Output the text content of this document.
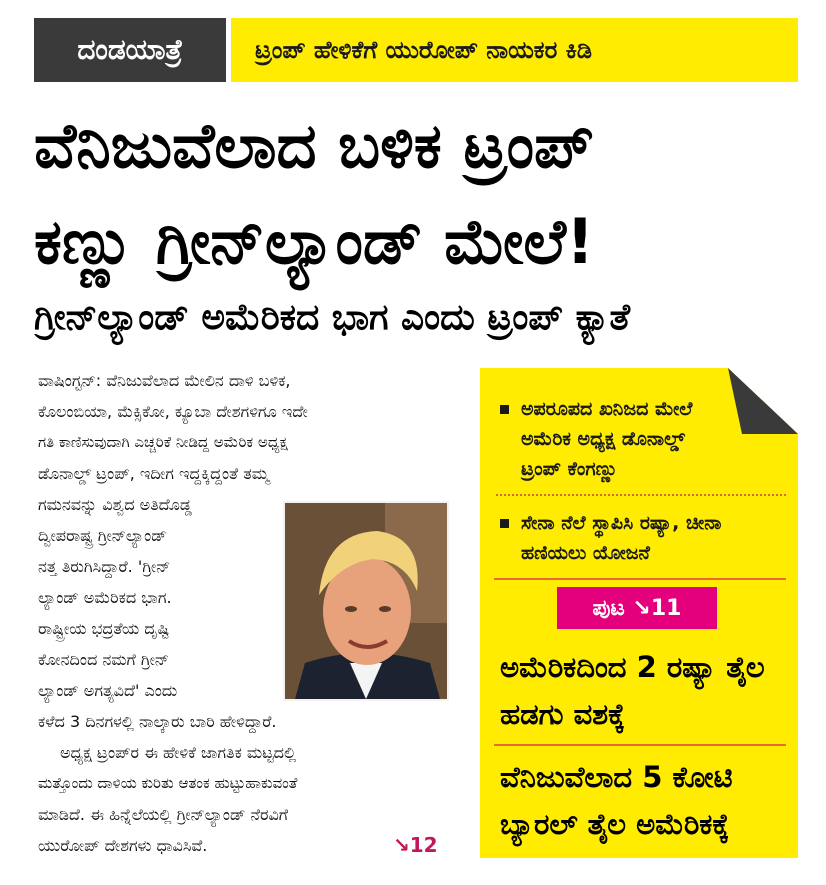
ದಂಡಯಾತ್ರೆ	ಟ್ರಂಪ್ ಹೇಳಿಕೆಗೆ ಯುರೋಪ್ ನಾಯಕರ ಕಿಡಿ
ವೆನಿಜುವೆಲಾದ ಬಳಿಕ ಟ್ರಂಪ್
ಕಣ್ಣು ಗ್ರೀನ್‌ಲ್ಯಾಂಡ್ ಮೇಲೆ!
ಗ್ರೀನ್‌ಲ್ಯಾಂಡ್ ಅಮೆರಿಕದ ಭಾಗ ಎಂದು ಟ್ರಂಪ್ ಕ್ಯಾತೆ
ವಾಷಿಂಗ್ಟನ್: ವೆನಿಜುವೆಲಾದ ಮೇಲಿನ ದಾಳಿ ಬಳಿಕ,
ಕೊಲಂಬಿಯಾ, ಮೆಕ್ಸಿಕೋ, ಕ್ಯೂಬಾ ದೇಶಗಳಿಗೂ ಇದೇ
ಗತಿ ಕಾಣಿಸುವುದಾಗಿ ಎಚ್ಚರಿಕೆ ನೀಡಿದ್ದ ಅಮೆರಿಕ ಅಧ್ಯಕ್ಷ
ಡೊನಾಲ್ಡ್ ಟ್ರಂಪ್, ಇದೀಗ ಇದ್ದಕ್ಕಿದ್ದಂತೆ ತಮ್ಮ
ಗಮನವನ್ನು ವಿಶ್ವದ ಅತಿದೊಡ್ಡ
ದ್ವೀಪರಾಷ್ಟ್ರ ಗ್ರೀನ್‌ಲ್ಯಾಂಡ್
ನತ್ತ ತಿರುಗಿಸಿದ್ದಾರೆ. 'ಗ್ರೀನ್
ಲ್ಯಾಂಡ್ ಅಮೆರಿಕದ ಭಾಗ.
ರಾಷ್ಟ್ರೀಯ ಭದ್ರತೆಯ ದೃಷ್ಟಿ
ಕೋನದಿಂದ ನಮಗೆ ಗ್ರೀನ್
ಲ್ಯಾಂಡ್ ಅಗತ್ಯವಿದೆ' ಎಂದು
ಕಳೆದ 3 ದಿನಗಳಲ್ಲಿ ನಾಲ್ಕಾರು ಬಾರಿ ಹೇಳಿದ್ದಾರೆ.
ಅಧ್ಯಕ್ಷ ಟ್ರಂಪ್‌ರ ಈ ಹೇಳಿಕೆ ಜಾಗತಿಕ ಮಟ್ಟದಲ್ಲಿ
ಮತ್ತೊಂದು ದಾಳಿಯ ಕುರಿತು ಆತಂಕ ಹುಟ್ಟುಹಾಕುವಂತೆ
ಮಾಡಿದೆ. ಈ ಹಿನ್ನೆಲೆಯಲ್ಲಿ ಗ್ರೀನ್‌ಲ್ಯಾಂಡ್ ನೆರವಿಗೆ
ಯುರೋಪ್ ದೇಶಗಳು ಧಾವಿಸಿವೆ.	↘12
ಅಪರೂಪದ ಖನಿಜದ ಮೇಲೆ ಅಮೆರಿಕ ಅಧ್ಯಕ್ಷ ಡೊನಾಲ್ಡ್ ಟ್ರಂಪ್ ಕೆಂಗಣ್ಣು
ಸೇನಾ ನೆಲೆ ಸ್ಥಾಪಿಸಿ ರಷ್ಯಾ, ಚೀನಾ ಹಣಿಯಲು ಯೋಜನೆ
ಪುಟ ↘11
ಅಮೆರಿಕದಿಂದ 2 ರಷ್ಯಾ ತೈಲ ಹಡಗು ವಶಕ್ಕೆ
ವೆನಿಜುವೆಲಾದ 5 ಕೋಟಿ ಬ್ಯಾರಲ್ ತೈಲ ಅಮೆರಿಕಕ್ಕೆ
